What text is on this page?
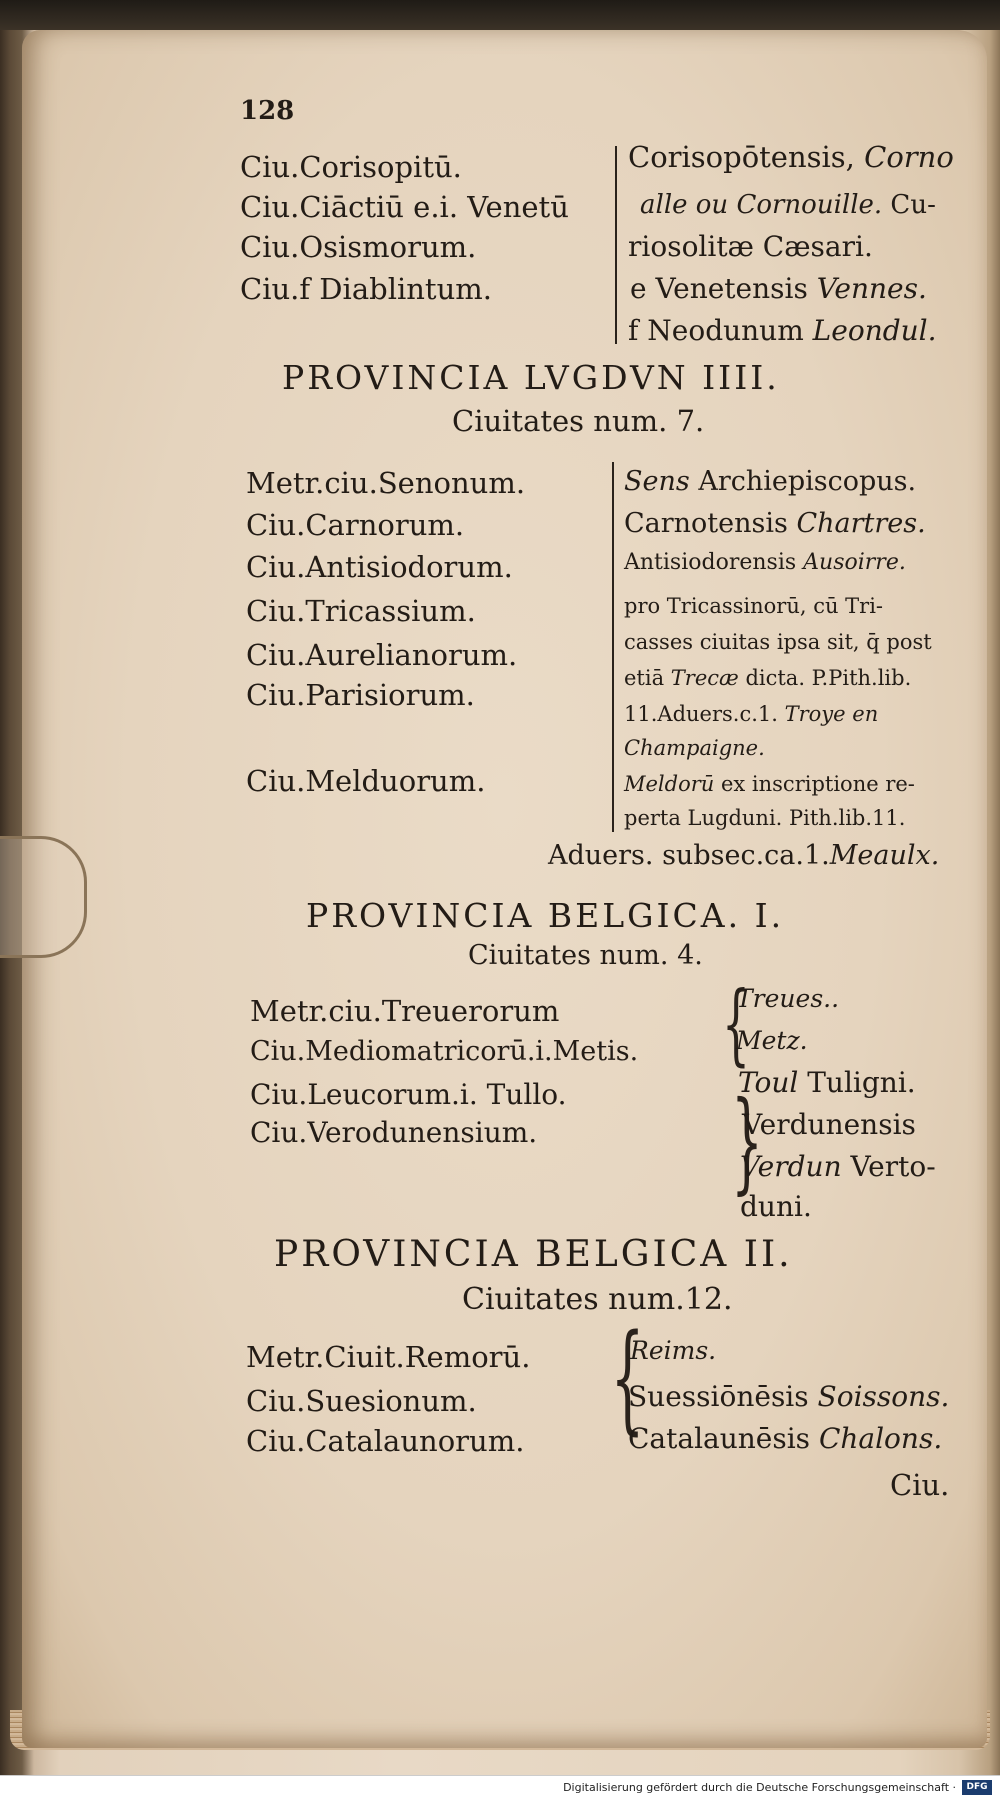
128
Ciu.Corisopitū.
Ciu.Ciāctiū e.i. Venetū
Ciu.Osismorum.
Ciu.f Diablintum.
Corisopōtensis, Corno
alle ou Cornouille. Cu-
riosolitæ Cæsari.
e Venetensis Vennes.
f Neodunum Leondul.
PROVINCIA LVGDVN IIII.
Ciuitates num. 7.
Metr.ciu.Senonum.
Ciu.Carnorum.
Ciu.Antisiodorum.
Ciu.Tricassium.
Ciu.Aurelianorum.
Ciu.Parisiorum.
Ciu.Melduorum.
Sens Archiepiscopus.
Carnotensis Chartres.
Antisiodorensis Ausoirre.
pro Tricassinorū, cū Tri-
casses ciuitas ipsa sit, q̄ post
etiā Trecæ dicta. P.Pith.lib.
11.Aduers.c.1. Troye en
Champaigne.
Meldorū ex inscriptione re-
perta Lugduni. Pith.lib.11.
Aduers. subsec.ca.1.Meaulx.
PROVINCIA BELGICA. I.
Ciuitates num. 4.
Metr.ciu.Treuerorum
Ciu.Mediomatricorū.i.Metis.
Ciu.Leucorum.i. Tullo.
Ciu.Verodunensium.
{
}
Treues..
Metz.
Toul Tuligni.
Verdunensis
Verdun Verto-
duni.
PROVINCIA BELGICA II.
Ciuitates num.12.
Metr.Ciuit.Remorū.
Ciu.Suesionum.
Ciu.Catalaunorum. {
Reims.
Suessiōnēsis Soissons.
Catalaunēsis Chalons.
Ciu.
Digitalisierung gefördert durch die Deutsche Forschungsgemeinschaft ·	DFG
